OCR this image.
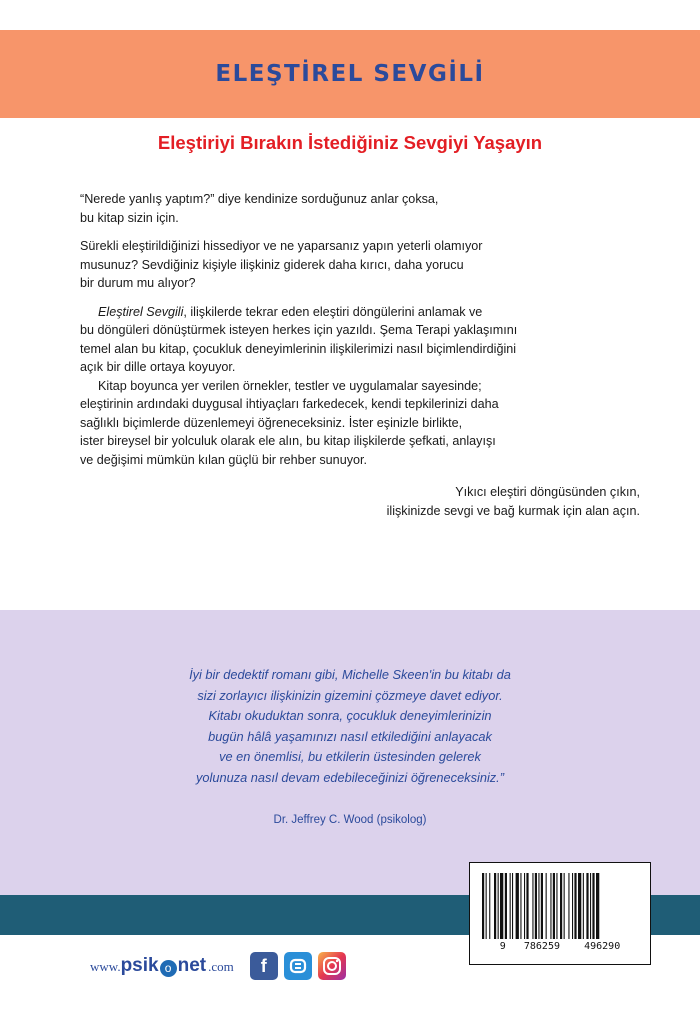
ELEŞTİREL SEVGİLİ
Eleştiriyi Bırakın İstediğiniz Sevgiyi Yaşayın

“Nerede yanlış yaptım?” diye kendinize sorduğunuz anlar çoksa,
bu kitap sizin için.

Sürekli eleştirildiğinizi hissediyor ve ne yaparsanız yapın yeterli olamıyor
musunuz? Sevdiğiniz kişiyle ilişkiniz giderek daha kırıcı, daha yorucu
bir durum mu alıyor?

Eleştirel Sevgili, ilişkilerde tekrar eden eleştiri döngülerini anlamak ve
bu döngüleri dönüştürmek isteyen herkes için yazıldı. Şema Terapi yaklaşımını
temel alan bu kitap, çocukluk deneyimlerinin ilişkilerimizi nasıl biçimlendirdiğini
açık bir dille ortaya koyuyor.

Kitap boyunca yer verilen örnekler, testler ve uygulamalar sayesinde;
eleştirinin ardındaki duygusal ihtiyaçları farkedecek, kendi tepkilerinizi daha
sağlıklı biçimlerde düzenlemeyi öğreneceksiniz. İster eşinizle birlikte,
ister bireysel bir yolculuk olarak ele alın, bu kitap ilişkilerde şefkati, anlayışı
ve değişimi mümkün kılan güçlü bir rehber sunuyor.

Yıkıcı eleştiri döngüsünden çıkın,
ilişkinizde sevgi ve bağ kurmak için alan açın.
İyi bir dedektif romanı gibi, Michelle Skeen'in bu kitabı da
sizi zorlayıcı ilişkinizin gizemini çözmeye davet ediyor.
Kitabı okuduktan sonra, çocukluk deneyimlerinizin
bugün hâlâ yaşamınızı nasıl etkilediğini anlayacak
ve en önemlisi, bu etkilerin üstesinden gelerek
yolunuza nasıl devam edebileceğinizi öğreneceksiniz.”
Dr. Jeffrey C. Wood (psikolog)
9 786259 496290
www. psik o net .com	f
